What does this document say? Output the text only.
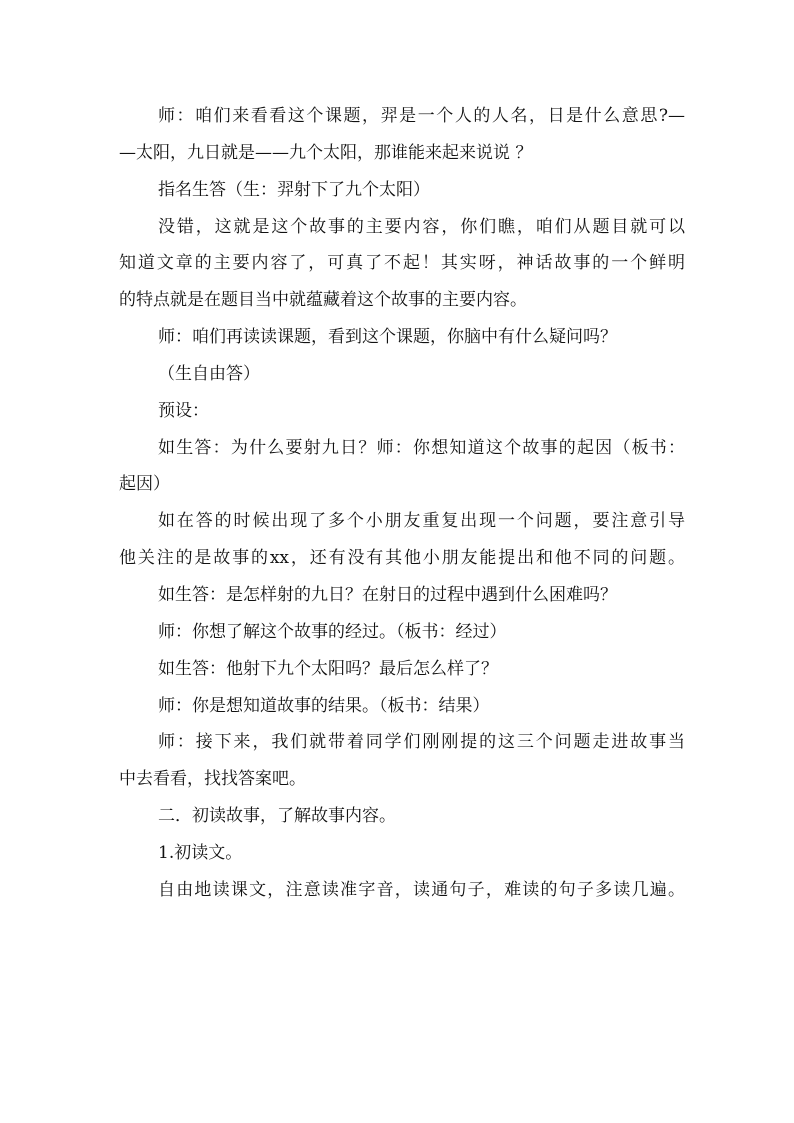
师：咱们来看看这个课题，羿是一个人的人名，日是什么意思?—
—太阳，九日就是——九个太阳，那谁能来起来说说 ？
指名生答（生：羿射下了九个太阳）
没错，这就是这个故事的主要内容，你们瞧，咱们从题目就可以
知道文章的主要内容了，可真了不起！其实呀，神话故事的一个鲜明
的特点就是在题目当中就蕴藏着这个故事的主要内容。
师：咱们再读读课题，看到这个课题，你脑中有什么疑问吗？
（生自由答）
预设：
如生答：为什么要射九日？师：你想知道这个故事的起因（板书：
起因）
如在答的时候出现了多个小朋友重复出现一个问题，要注意引导
他关注的是故事的xx，还有没有其他小朋友能提出和他不同的问题。
如生答：是怎样射的九日？在射日的过程中遇到什么困难吗？
师：你想了解这个故事的经过。（板书：经过）
如生答：他射下九个太阳吗？最后怎么样了？
师：你是想知道故事的结果。（板书：结果）
师：接下来，我们就带着同学们刚刚提的这三个问题走进故事当
中去看看，找找答案吧。
二．初读故事，了解故事内容。
1.初读文。
自由地读课文，注意读准字音，读通句子，难读的句子多读几遍。
